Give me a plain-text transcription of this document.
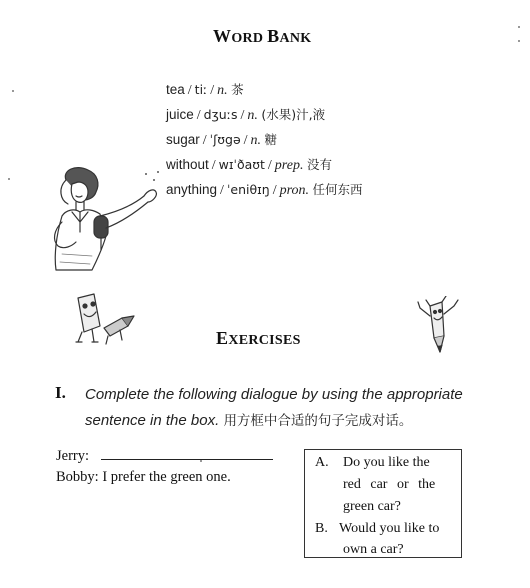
WORD BANK
tea / tiː / n. 茶
juice / dʒuːs / n. (水果)汁,液
sugar / ˈʃʊgə / n. 糖
without / wɪˈðaʊt / prep. 没有
anything / ˈeniθɪŋ / pron. 任何东西
EXERCISES
I. Complete the following dialogue by using the appropriate
sentence in the box. 用方框中合适的句子完成对话。
Jerry:
Bobby: I prefer the green one.
A. Do you like the
red car or the
green car?
B. Would you like to
own a car?
